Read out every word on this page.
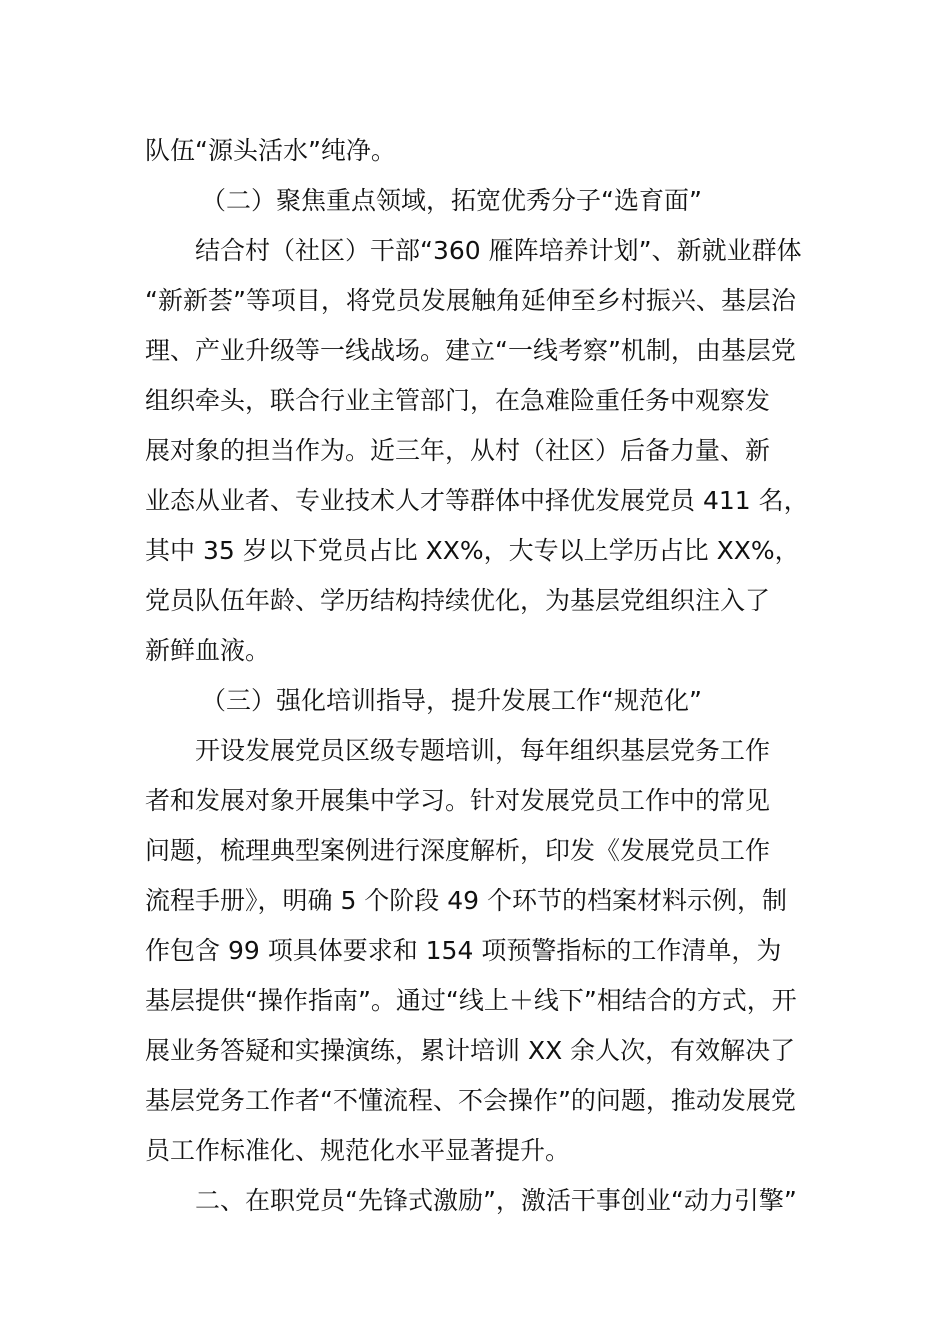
队伍“源头活水”纯净。
（二）聚焦重点领域，拓宽优秀分子“选育面”
结合村（社区）干部“360 雁阵培养计划”、新就业群体
“新新荟”等项目，将党员发展触角延伸至乡村振兴、基层治
理、产业升级等一线战场。建立“一线考察”机制，由基层党
组织牵头，联合行业主管部门，在急难险重任务中观察发
展对象的担当作为。近三年，从村（社区）后备力量、新
业态从业者、专业技术人才等群体中择优发展党员 411 名，
其中 35 岁以下党员占比 XX%，大专以上学历占比 XX%，
党员队伍年龄、学历结构持续优化，为基层党组织注入了
新鲜血液。
（三）强化培训指导，提升发展工作“规范化”
开设发展党员区级专题培训，每年组织基层党务工作
者和发展对象开展集中学习。针对发展党员工作中的常见
问题，梳理典型案例进行深度解析，印发《发展党员工作
流程手册》，明确 5 个阶段 49 个环节的档案材料示例，制
作包含 99 项具体要求和 154 项预警指标的工作清单，为
基层提供“操作指南”。通过“线上＋线下”相结合的方式，开
展业务答疑和实操演练，累计培训 XX 余人次，有效解决了
基层党务工作者“不懂流程、不会操作”的问题，推动发展党
员工作标准化、规范化水平显著提升。
二、在职党员“先锋式激励”，激活干事创业“动力引擎”
